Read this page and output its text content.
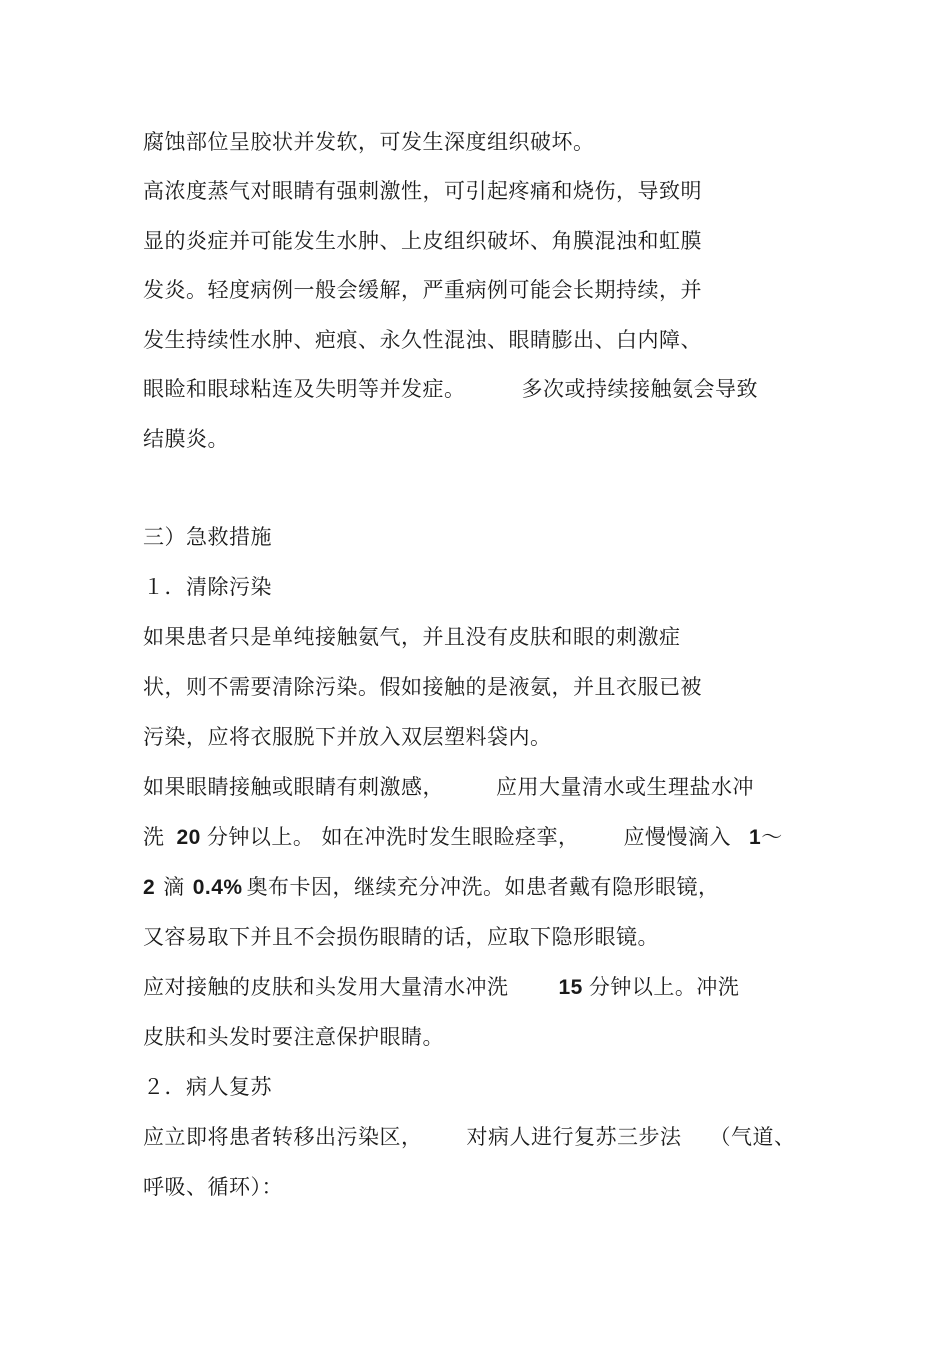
腐蚀部位呈胶状并发软，可发生深度组织破坏。
高浓度蒸气对眼睛有强刺激性，可引起疼痛和烧伤，导致明
显的炎症并可能发生水肿、上皮组织破坏、角膜混浊和虹膜
发炎。轻度病例一般会缓解，严重病例可能会长期持续，并
发生持续性水肿、疤痕、永久性混浊、眼睛膨出、白内障、
眼睑和眼球粘连及失明等并发症。	多次或持续接触氨会导致
结膜炎。
三）急救措施
１．清除污染
如果患者只是单纯接触氨气，并且没有皮肤和眼的刺激症
状，则不需要清除污染。假如接触的是液氨，并且衣服已被
污染，应将衣服脱下并放入双层塑料袋内。
如果眼睛接触或眼睛有刺激感， 应用大量清水或生理盐水冲
洗 20 分钟以上。 如在冲洗时发生眼睑痉挛， 应慢慢滴入 1～
2 滴 0.4% 奥布卡因，继续充分冲洗。如患者戴有隐形眼镜，
又容易取下并且不会损伤眼睛的话，应取下隐形眼镜。
应对接触的皮肤和头发用大量清水冲洗 15 分钟以上。冲洗
皮肤和头发时要注意保护眼睛。
２．病人复苏
应立即将患者转移出污染区， 对病人进行复苏三步法 （气道、
呼吸、循环）：
